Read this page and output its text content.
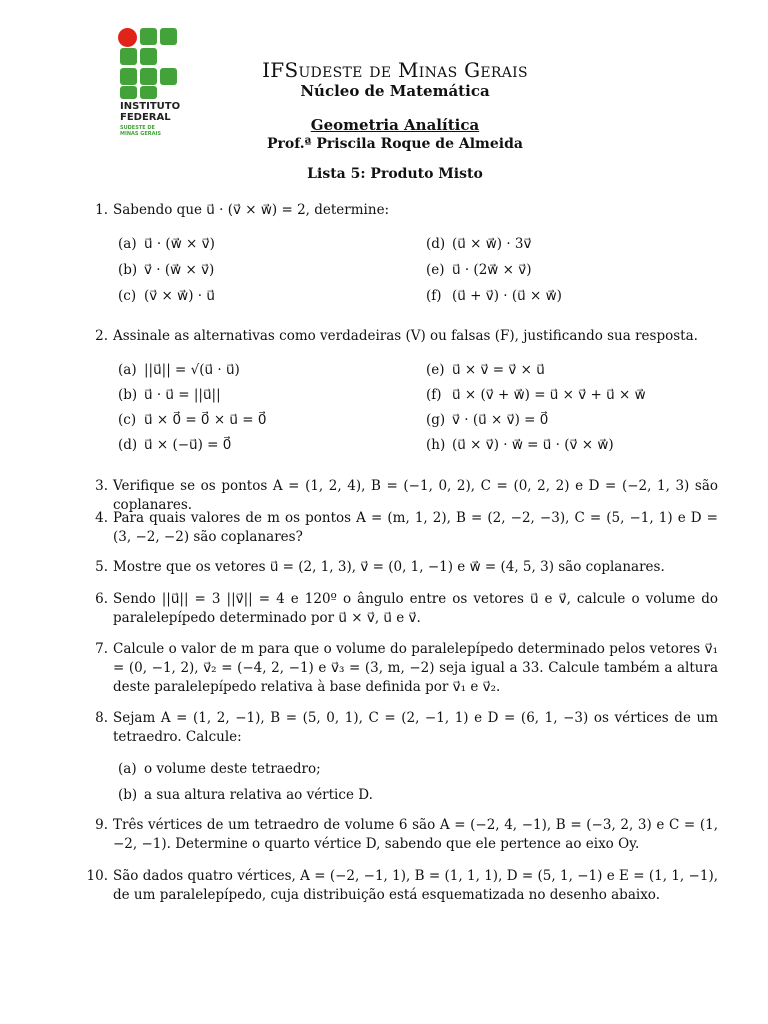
INSTITUTO
FEDERAL
SUDESTE DE
MINAS GERAIS
IFSudeste de Minas Gerais
Núcleo de Matemática
Geometria Analítica
Prof.ª Priscila Roque de Almeida
Lista 5: Produto Misto
1. Sabendo que u⃗ · (v⃗ × w⃗) = 2, determine:
(a) u⃗ · (w⃗ × v⃗)
(b) v⃗ · (w⃗ × v⃗)
(c) (v⃗ × w⃗) · u⃗
(d) (u⃗ × w⃗) · 3v⃗
(e) u⃗ · (2w⃗ × v⃗)
(f) (u⃗ + v⃗) · (u⃗ × w⃗)
2. Assinale as alternativas como verdadeiras (V) ou falsas (F), justificando sua resposta.
(a) ||u⃗|| = √(u⃗ · u⃗)
(b) u⃗ · u⃗ = ||u⃗||
(c) u⃗ × 0⃗ = 0⃗ × u⃗ = 0⃗
(d) u⃗ × (−u⃗) = 0⃗
(e) u⃗ × v⃗ = v⃗ × u⃗
(f) u⃗ × (v⃗ + w⃗) = u⃗ × v⃗ + u⃗ × w⃗
(g) v⃗ · (u⃗ × v⃗) = 0⃗
(h) (u⃗ × v⃗) · w⃗ = u⃗ · (v⃗ × w⃗)
3. Verifique se os pontos A = (1, 2, 4), B = (−1, 0, 2), C = (0, 2, 2) e D = (−2, 1, 3) são coplanares.
4. Para quais valores de m os pontos A = (m, 1, 2), B = (2, −2, −3), C = (5, −1, 1) e D = (3, −2, −2) são coplanares?
5. Mostre que os vetores u⃗ = (2, 1, 3), v⃗ = (0, 1, −1) e w⃗ = (4, 5, 3) são coplanares.
6. Sendo ||u⃗|| = 3 ||v⃗|| = 4 e 120º o ângulo entre os vetores u⃗ e v⃗, calcule o volume do paralelepípedo determinado por u⃗ × v⃗, u⃗ e v⃗.
7. Calcule o valor de m para que o volume do paralelepípedo determinado pelos vetores v⃗₁ = (0, −1, 2), v⃗₂ = (−4, 2, −1) e v⃗₃ = (3, m, −2) seja igual a 33. Calcule também a altura deste paralelepípedo relativa à base definida por v⃗₁ e v⃗₂.
8. Sejam A = (1, 2, −1), B = (5, 0, 1), C = (2, −1, 1) e D = (6, 1, −3) os vértices de um tetraedro. Calcule:
(a) o volume deste tetraedro;
(b) a sua altura relativa ao vértice D.
9. Três vértices de um tetraedro de volume 6 são A = (−2, 4, −1), B = (−3, 2, 3) e C = (1, −2, −1). Determine o quarto vértice D, sabendo que ele pertence ao eixo Oy.
10. São dados quatro vértices, A = (−2, −1, 1), B = (1, 1, 1), D = (5, 1, −1) e E = (1, 1, −1), de um paralelepípedo, cuja distribuição está esquematizada no desenho abaixo.
